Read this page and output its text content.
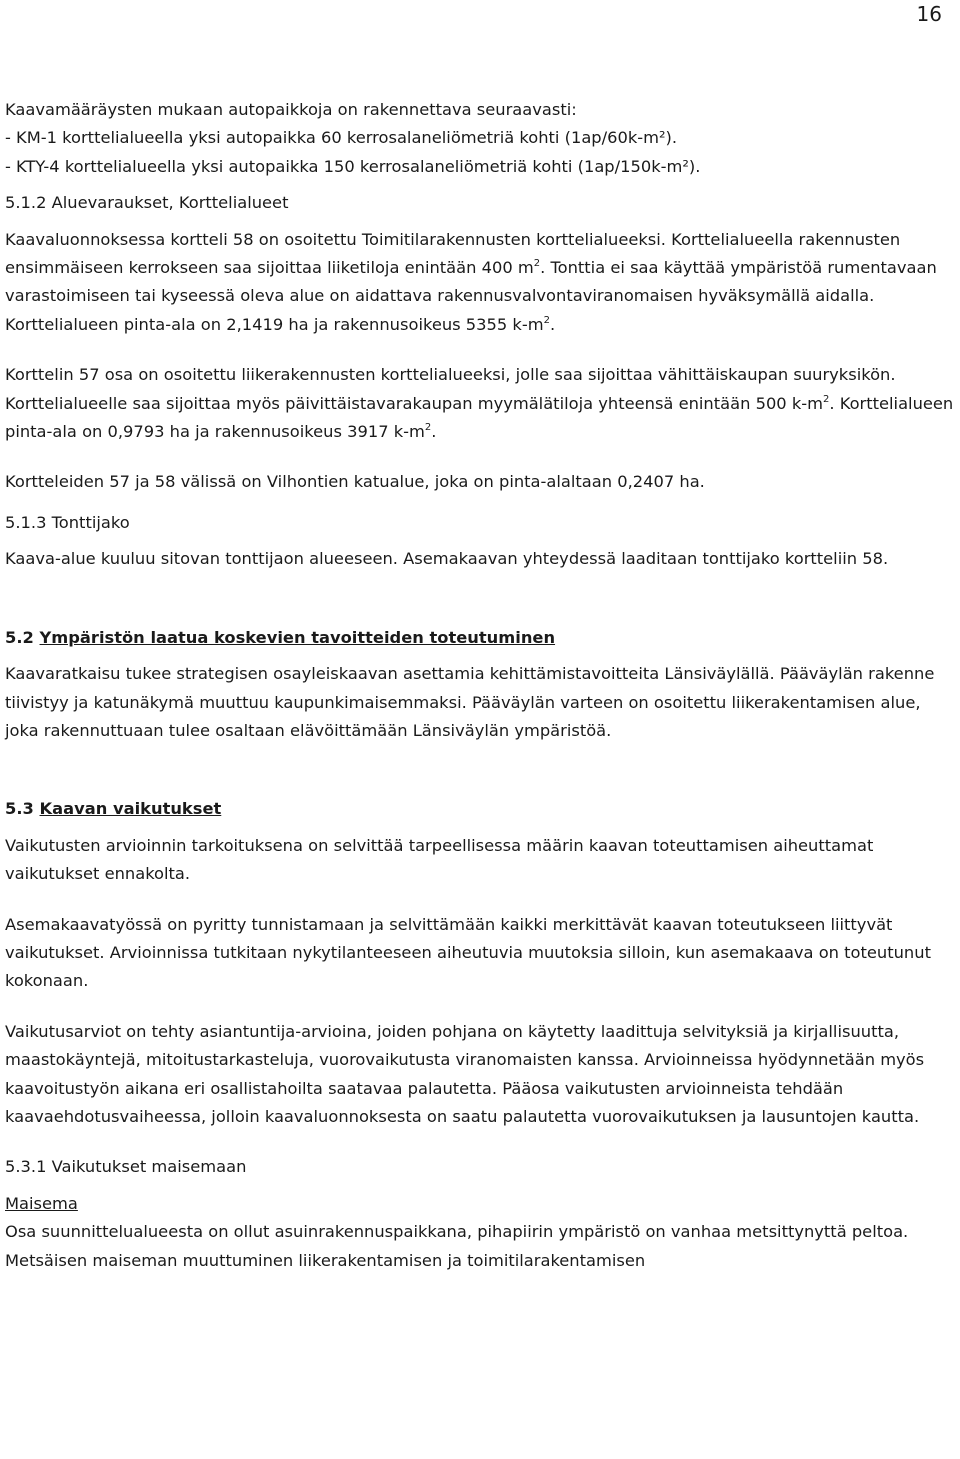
16

Kaavamääräysten mukaan autopaikkoja on rakennettava seuraavasti:

- KM-1 korttelialueella yksi autopaikka 60 kerrosalaneliömetriä kohti (1ap/60k-m²).

- KTY-4 korttelialueella yksi autopaikka 150 kerrosalaneliömetriä kohti (1ap/150k-m²).

5.1.2 Aluevaraukset, Korttelialueet

Kaavaluonnoksessa kortteli 58 on osoitettu Toimitilarakennusten korttelialueeksi. Korttelialueella rakennusten ensimmäiseen kerrokseen saa sijoittaa liiketiloja enintään 400 $m^2$. Tonttia ei saa käyttää ympäristöä rumentavaan varastoimiseen tai kyseessä oleva alue on aidattava rakennusvalvontaviranomaisen hyväksymällä aidalla. Korttelialueen pinta-ala on 2,1419 ha ja rakennusoikeus 5355 $k-m^2$.

Korttelin 57 osa on osoitettu liikerakennusten korttelialueeksi, jolle saa sijoittaa vähittäiskaupan suuryksikön. Korttelialueelle saa sijoittaa myös päivittäistavarakaupan myymälätiloja yhteensä enintään 500 $k-m^2$. Korttelialueen pinta-ala on 0,9793 ha ja rakennusoikeus 3917 $k-m^2$.

Kortteleiden 57 ja 58 välissä on Vilhontien katualue, joka on pinta-alaltaan 0,2407 ha.

5.1.3 Tonttijako

Kaava-alue kuuluu sitovan tonttijaon alueeseen. Asemakaavan yhteydessä laaditaan tonttijako kortteliin 58.

5.2 Ympäristön laatua koskevien tavoitteiden toteutuminen

Kaavaratkaisu tukee strategisen osayleiskaavan asettamia kehittämistavoitteita Länsiväylällä. Pääväylän rakenne tiivistyy ja katunäkymä muuttuu kaupunkimaisemmaksi. Pääväylän varteen on osoitettu liikerakentamisen alue, joka rakennuttuaan tulee osaltaan elävöittämään Länsiväylän ympäristöä.

5.3 Kaavan vaikutukset

Vaikutusten arvioinnin tarkoituksena on selvittää tarpeellisessa määrin kaavan toteuttamisen aiheuttamat vaikutukset ennakolta.

Asemakaavatyössä on pyritty tunnistamaan ja selvittämään kaikki merkittävät kaavan toteutukseen liittyvät vaikutukset. Arvioinnissa tutkitaan nykytilanteeseen aiheutuvia muutoksia silloin, kun asemakaava on toteutunut kokonaan.

Vaikutusarviot on tehty asiantuntija-arvioina, joiden pohjana on käytetty laadittuja selvityksiä ja kirjallisuutta, maastokäyntejä, mitoitustarkasteluja, vuorovaikutusta viranomaisten kanssa. Arvioinneissa hyödynnetään myös kaavoitustyön aikana eri osallistahoilta saatavaa palautetta. Pääosa vaikutusten arvioinneista tehdään kaavaehdotusvaiheessa, jolloin kaavaluonnoksesta on saatu palautetta vuorovaikutuksen ja lausuntojen kautta.

5.3.1 Vaikutukset maisemaan

Maisema

Osa suunnittelualueesta on ollut asuinrakennuspaikkana, pihapiirin ympäristö on vanhaa metsittynyttä peltoa. Metsäisen maiseman muuttuminen liikerakentamisen ja toimitilarakentamisen
